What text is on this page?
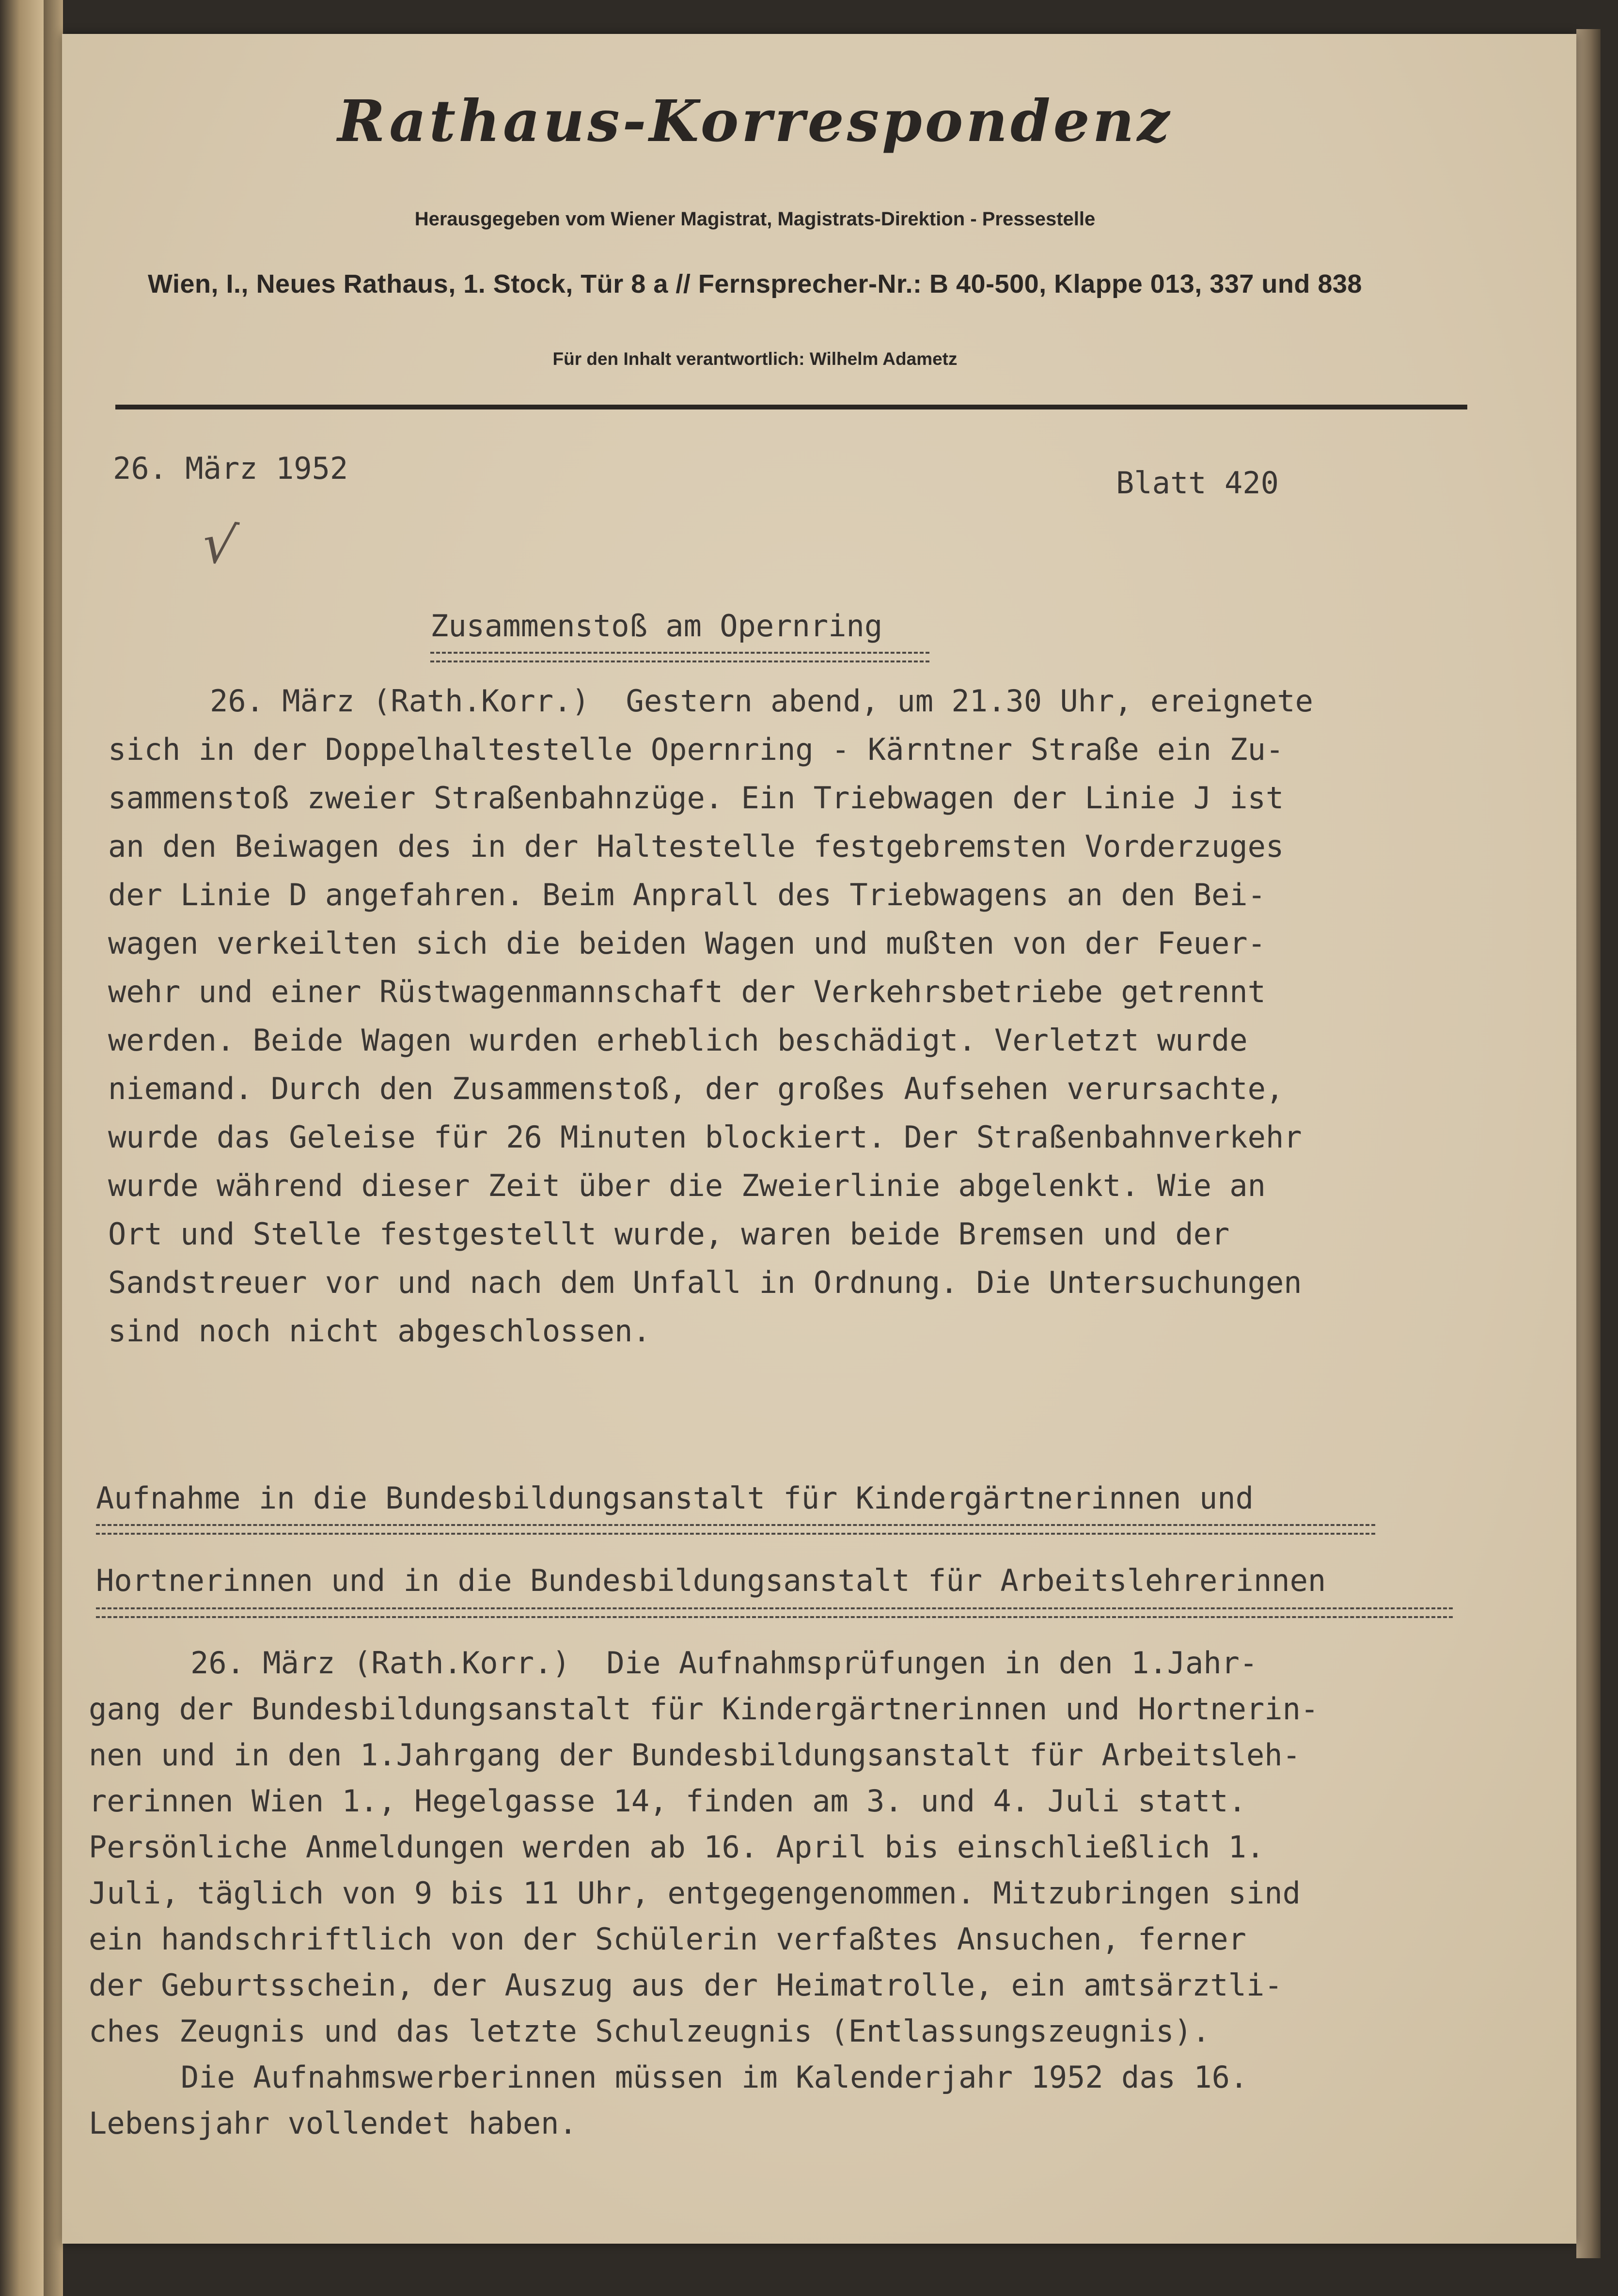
Rathaus-Korrespondenz
Herausgegeben vom Wiener Magistrat, Magistrats-Direktion - Pressestelle
Wien, I., Neues Rathaus, 1. Stock, Tür 8 a // Fernsprecher-Nr.: B 40-500, Klappe 013, 337 und 838
Für den Inhalt verantwortlich: Wilhelm Adametz
26. März 1952
√
Blatt 420
Zusammenstoß am Opernring
26. März (Rath.Korr.)  Gestern abend, um 21.30 Uhr, ereignete
sich in der Doppelhaltestelle Opernring - Kärntner Straße ein Zu-
sammenstoß zweier Straßenbahnzüge. Ein Triebwagen der Linie J ist
an den Beiwagen des in der Haltestelle festgebremsten Vorderzuges
der Linie D angefahren. Beim Anprall des Triebwagens an den Bei-
wagen verkeilten sich die beiden Wagen und mußten von der Feuer-
wehr und einer Rüstwagenmannschaft der Verkehrsbetriebe getrennt
werden. Beide Wagen wurden erheblich beschädigt. Verletzt wurde
niemand. Durch den Zusammenstoß, der großes Aufsehen verursachte,
wurde das Geleise für 26 Minuten blockiert. Der Straßenbahnverkehr
wurde während dieser Zeit über die Zweierlinie abgelenkt. Wie an
Ort und Stelle festgestellt wurde, waren beide Bremsen und der
Sandstreuer vor und nach dem Unfall in Ordnung. Die Untersuchungen
sind noch nicht abgeschlossen.
Aufnahme in die Bundesbildungsanstalt für Kindergärtnerinnen und
Hortnerinnen und in die Bundesbildungsanstalt für Arbeitslehrerinnen
26. März (Rath.Korr.)  Die Aufnahmsprüfungen in den 1.Jahr-
gang der Bundesbildungsanstalt für Kindergärtnerinnen und Hortnerin-
nen und in den 1.Jahrgang der Bundesbildungsanstalt für Arbeitsleh-
rerinnen Wien 1., Hegelgasse 14, finden am 3. und 4. Juli statt.
Persönliche Anmeldungen werden ab 16. April bis einschließlich 1.
Juli, täglich von 9 bis 11 Uhr, entgegengenommen. Mitzubringen sind
ein handschriftlich von der Schülerin verfaßtes Ansuchen, ferner
der Geburtsschein, der Auszug aus der Heimatrolle, ein amtsärztli-
ches Zeugnis und das letzte Schulzeugnis (Entlassungszeugnis).
Die Aufnahmswerberinnen müssen im Kalenderjahr 1952 das 16.
Lebensjahr vollendet haben.
